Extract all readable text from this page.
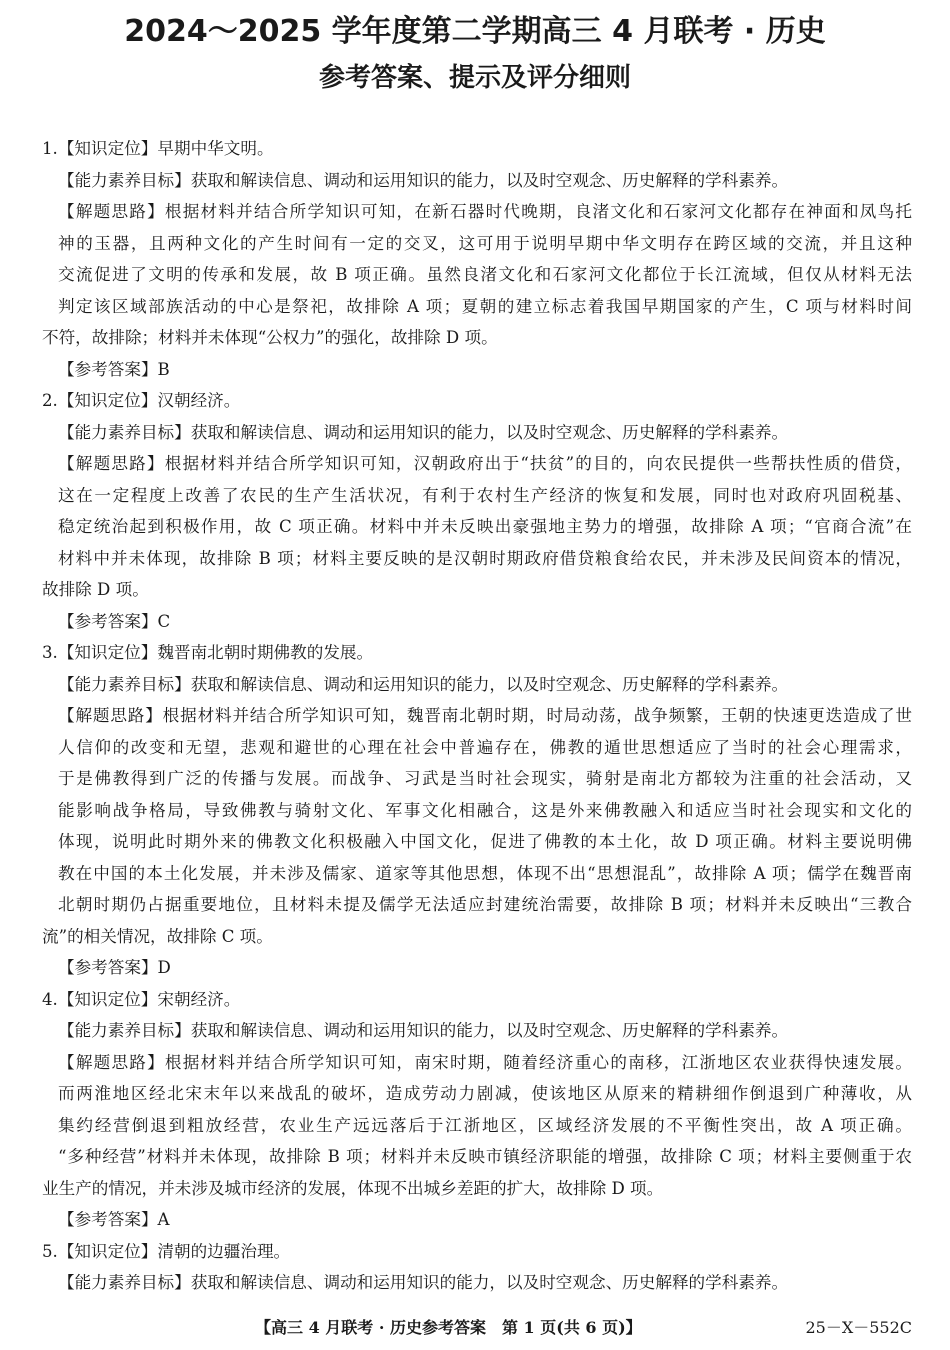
2024～2025 学年度第二学期高三 4 月联考 · 历史
参考答案、提示及评分细则
1.【知识定位】早期中华文明。
【能力素养目标】获取和解读信息、调动和运用知识的能力，以及时空观念、历史解释的学科素养。
【解题思路】根据材料并结合所学知识可知，在新石器时代晚期，良渚文化和石家河文化都存在神面和凤鸟托
神的玉器，且两种文化的产生时间有一定的交叉，这可用于说明早期中华文明存在跨区域的交流，并且这种
交流促进了文明的传承和发展，故 B 项正确。虽然良渚文化和石家河文化都位于长江流域，但仅从材料无法
判定该区域部族活动的中心是祭祀，故排除 A 项；夏朝的建立标志着我国早期国家的产生，C 项与材料时间
不符，故排除；材料并未体现“公权力”的强化，故排除 D 项。
【参考答案】B
2.【知识定位】汉朝经济。
【能力素养目标】获取和解读信息、调动和运用知识的能力，以及时空观念、历史解释的学科素养。
【解题思路】根据材料并结合所学知识可知，汉朝政府出于“扶贫”的目的，向农民提供一些帮扶性质的借贷，
这在一定程度上改善了农民的生产生活状况，有利于农村生产经济的恢复和发展，同时也对政府巩固税基、
稳定统治起到积极作用，故 C 项正确。材料中并未反映出豪强地主势力的增强，故排除 A 项；“官商合流”在
材料中并未体现，故排除 B 项；材料主要反映的是汉朝时期政府借贷粮食给农民，并未涉及民间资本的情况，
故排除 D 项。
【参考答案】C
3.【知识定位】魏晋南北朝时期佛教的发展。
【能力素养目标】获取和解读信息、调动和运用知识的能力，以及时空观念、历史解释的学科素养。
【解题思路】根据材料并结合所学知识可知，魏晋南北朝时期，时局动荡，战争频繁，王朝的快速更迭造成了世
人信仰的改变和无望，悲观和避世的心理在社会中普遍存在，佛教的遁世思想适应了当时的社会心理需求，
于是佛教得到广泛的传播与发展。而战争、习武是当时社会现实，骑射是南北方都较为注重的社会活动，又
能影响战争格局，导致佛教与骑射文化、军事文化相融合，这是外来佛教融入和适应当时社会现实和文化的
体现，说明此时期外来的佛教文化积极融入中国文化，促进了佛教的本土化，故 D 项正确。材料主要说明佛
教在中国的本土化发展，并未涉及儒家、道家等其他思想，体现不出“思想混乱”，故排除 A 项；儒学在魏晋南
北朝时期仍占据重要地位，且材料未提及儒学无法适应封建统治需要，故排除 B 项；材料并未反映出“三教合
流”的相关情况，故排除 C 项。
【参考答案】D
4.【知识定位】宋朝经济。
【能力素养目标】获取和解读信息、调动和运用知识的能力，以及时空观念、历史解释的学科素养。
【解题思路】根据材料并结合所学知识可知，南宋时期，随着经济重心的南移，江浙地区农业获得快速发展。
而两淮地区经北宋末年以来战乱的破坏，造成劳动力剧减，使该地区从原来的精耕细作倒退到广种薄收，从
集约经营倒退到粗放经营，农业生产远远落后于江浙地区，区域经济发展的不平衡性突出，故 A 项正确。
“多种经营”材料并未体现，故排除 B 项；材料并未反映市镇经济职能的增强，故排除 C 项；材料主要侧重于农
业生产的情况，并未涉及城市经济的发展，体现不出城乡差距的扩大，故排除 D 项。
【参考答案】A
5.【知识定位】清朝的边疆治理。
【能力素养目标】获取和解读信息、调动和运用知识的能力，以及时空观念、历史解释的学科素养。
【高三 4 月联考 · 历史参考答案　第 1 页(共 6 页)】	25－X－552C
